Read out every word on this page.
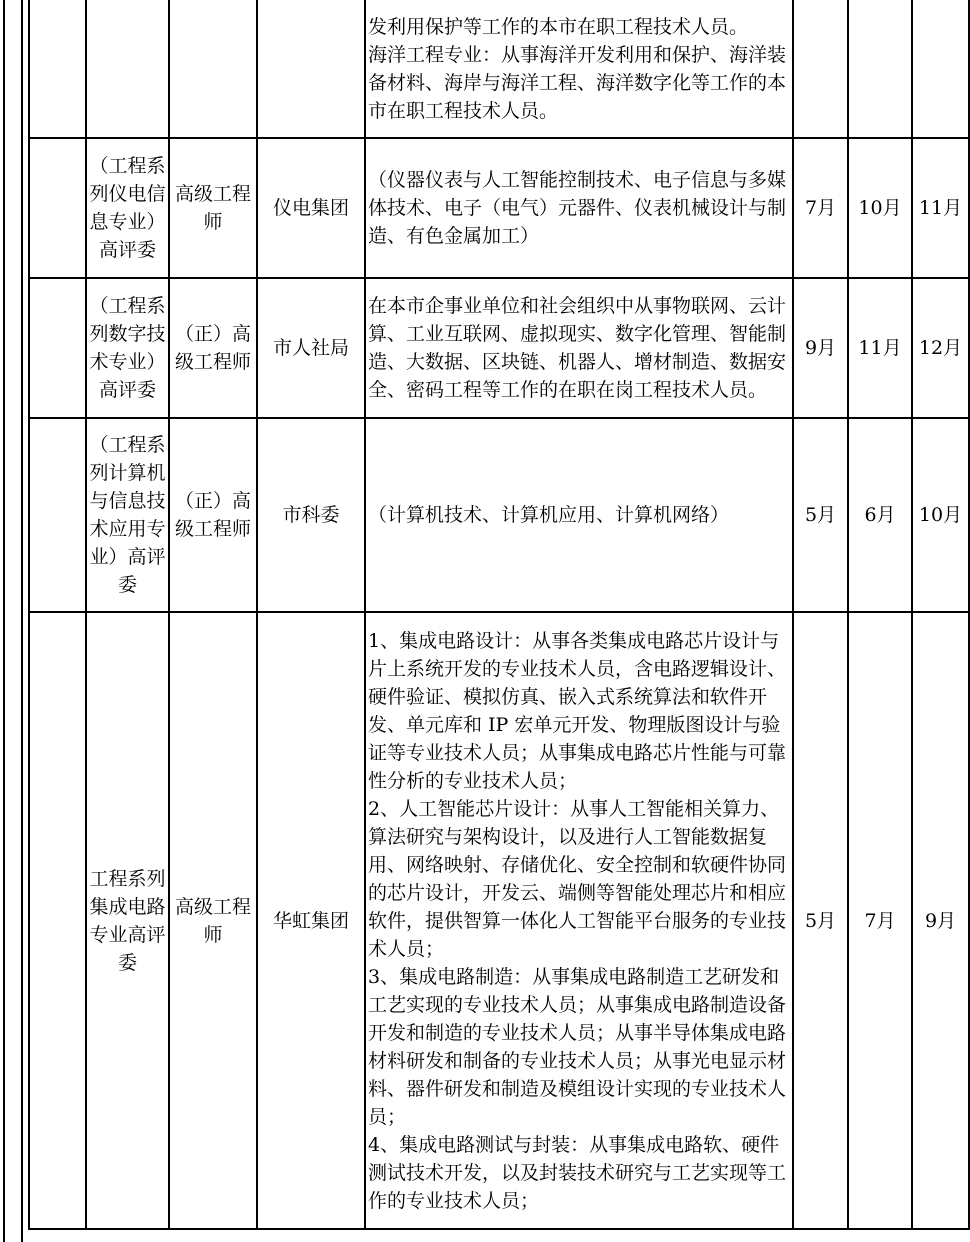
				发利用保护等工作的本市在职工程技术人员。
海洋工程专业：从事海洋开发利用和保护、海洋装备材料、海岸与海洋工程、海洋数字化等工作的本市在职工程技术人员。			

	（工程系列仪电信息专业）高评委	高级工程师	仪电集团	（仪器仪表与人工智能控制技术、电子信息与多媒体技术、电子（电气）元器件、仪表机械设计与制造、有色金属加工）	7月	10月	11月
	（工程系列数字技术专业）高评委	（正）高级工程师	市人社局	在本市企事业单位和社会组织中从事物联网、云计算、工业互联网、虚拟现实、数字化管理、智能制造、大数据、区块链、机器人、增材制造、数据安全、密码工程等工作的在职在岗工程技术人员。	9月	11月	12月
	（工程系列计算机与信息技术应用专业）高评委	（正）高级工程师	市科委	（计算机技术、计算机应用、计算机网络）	5月	6月	10月
	工程系列集成电路专业高评委	高级工程师	华虹集团	1、集成电路设计：从事各类集成电路芯片设计与片上系统开发的专业技术人员，含电路逻辑设计、硬件验证、模拟仿真、嵌入式系统算法和软件开发、单元库和 IP 宏单元开发、物理版图设计与验证等专业技术人员；从事集成电路芯片性能与可靠性分析的专业技术人员；
2、人工智能芯片设计：从事人工智能相关算力、算法研究与架构设计，以及进行人工智能数据复用、网络映射、存储优化、安全控制和软硬件协同的芯片设计，开发云、端侧等智能处理芯片和相应软件，提供智算一体化人工智能平台服务的专业技术人员；
3、集成电路制造：从事集成电路制造工艺研发和工艺实现的专业技术人员；从事集成电路制造设备开发和制造的专业技术人员；从事半导体集成电路材料研发和制备的专业技术人员；从事光电显示材料、器件研发和制造及模组设计实现的专业技术人员；
4、集成电路测试与封装：从事集成电路软、硬件测试技术开发，以及封装技术研究与工艺实现等工作的专业技术人员；	5月	7月	9月
